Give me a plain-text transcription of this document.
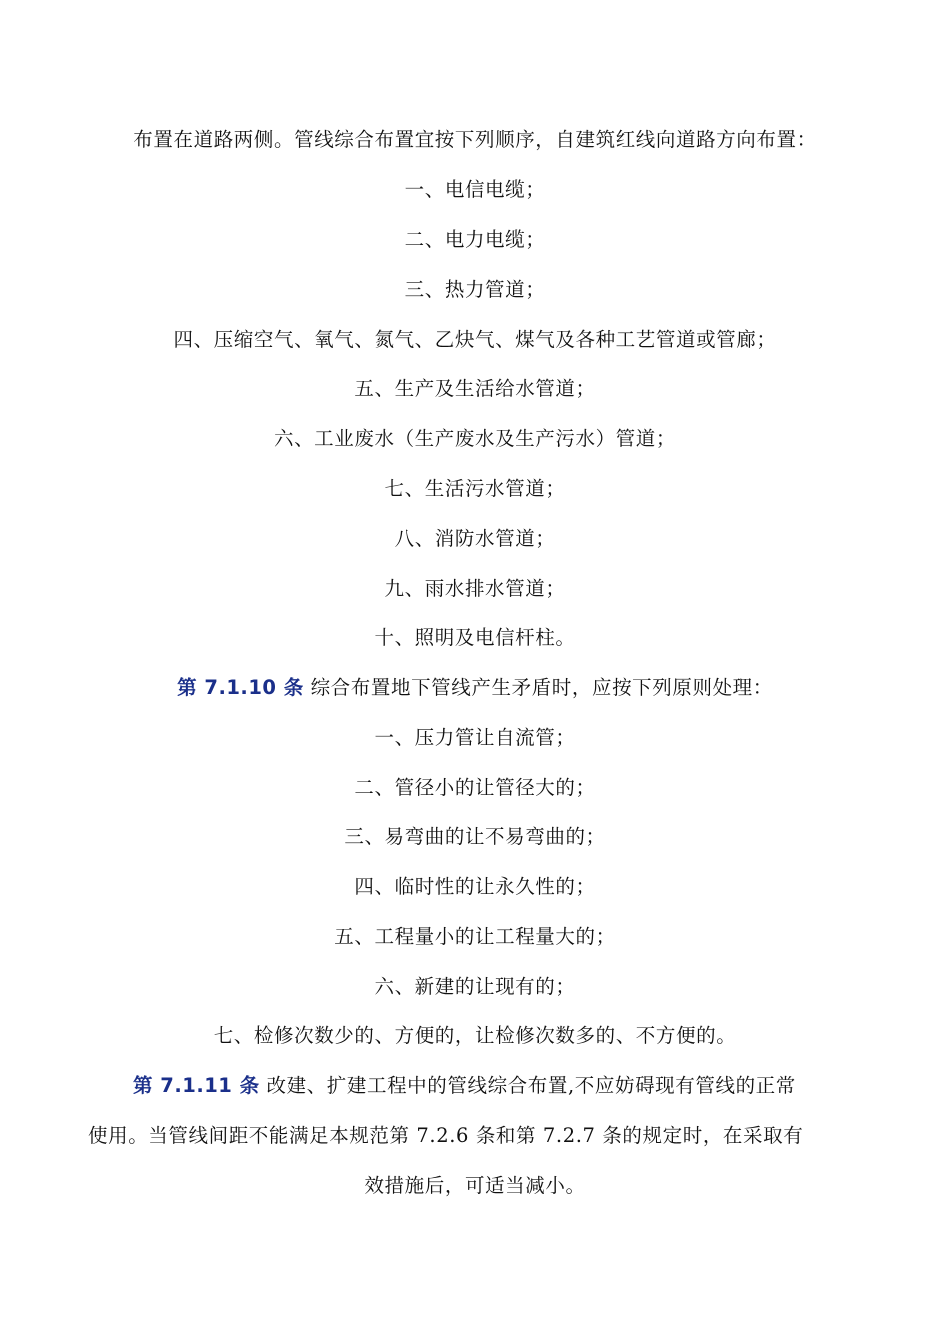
布置在道路两侧。管线综合布置宜按下列顺序，自建筑红线向道路方向布置：
一、电信电缆；
二、电力电缆；
三、热力管道；
四、压缩空气、氧气、氮气、乙炔气、煤气及各种工艺管道或管廊；
五、生产及生活给水管道；
六、工业废水（生产废水及生产污水）管道；
七、生活污水管道；
八、消防水管道；
九、雨水排水管道；
十、照明及电信杆柱。
第 7.1.10 条 综合布置地下管线产生矛盾时，应按下列原则处理：
一、压力管让自流管；
二、管径小的让管径大的；
三、易弯曲的让不易弯曲的；
四、临时性的让永久性的；
五、工程量小的让工程量大的；
六、新建的让现有的；
七、检修次数少的、方便的，让检修次数多的、不方便的。
第 7.1.11 条 改建、扩建工程中的管线综合布置,不应妨碍现有管线的正常
使用。当管线间距不能满足本规范第 7.2.6 条和第 7.2.7 条的规定时，在采取有
效措施后，可适当减小。
